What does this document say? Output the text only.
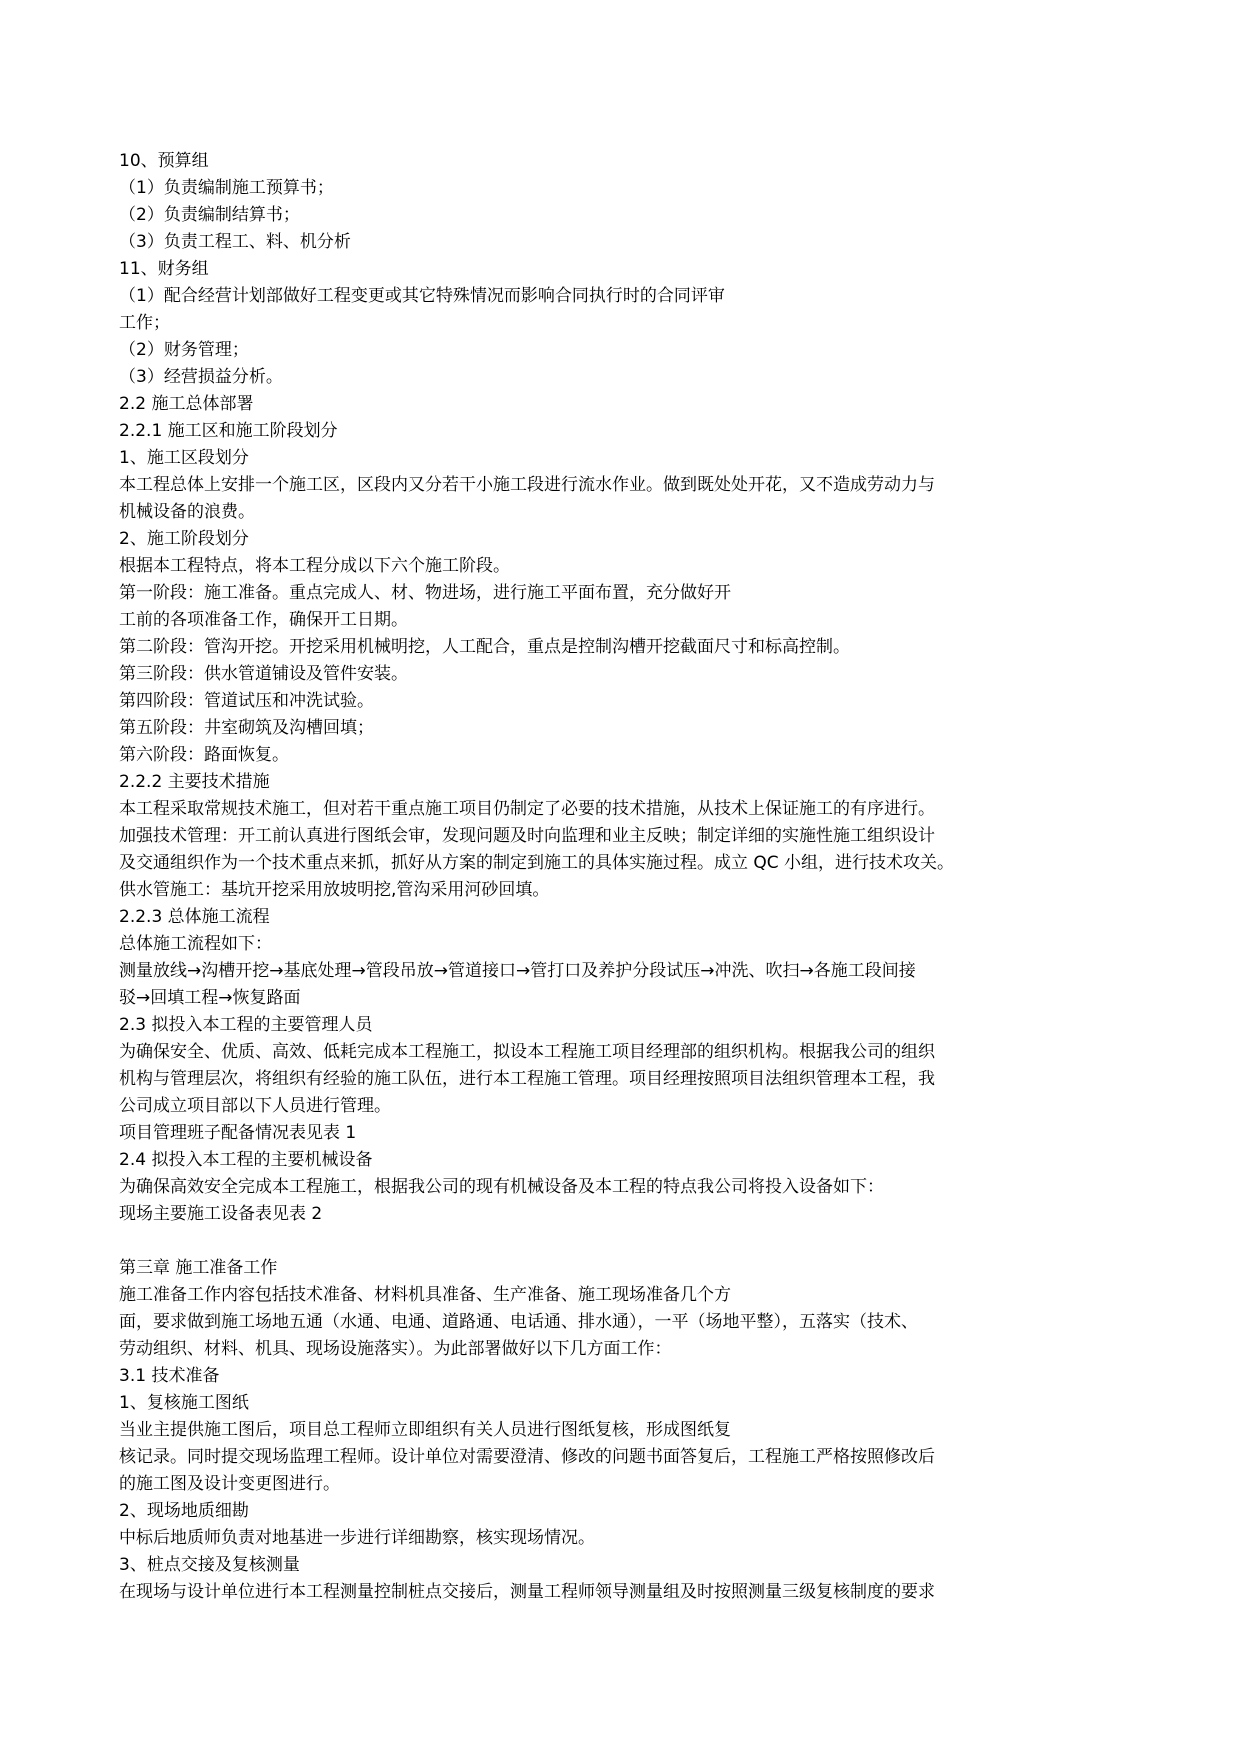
10、预算组
（1）负责编制施工预算书；
（2）负责编制结算书；
（3）负责工程工、料、机分析
11、财务组
（1）配合经营计划部做好工程变更或其它特殊情况而影响合同执行时的合同评审
工作；
（2）财务管理；
（3）经营损益分析。
2.2 施工总体部署
2.2.1 施工区和施工阶段划分
1、施工区段划分
本工程总体上安排一个施工区，区段内又分若干小施工段进行流水作业。做到既处处开花，又不造成劳动力与
机械设备的浪费。
2、施工阶段划分
根据本工程特点，将本工程分成以下六个施工阶段。
第一阶段：施工准备。重点完成人、材、物进场，进行施工平面布置，充分做好开
工前的各项准备工作，确保开工日期。
第二阶段：管沟开挖。开挖采用机械明挖，人工配合，重点是控制沟槽开挖截面尺寸和标高控制。
第三阶段：供水管道铺设及管件安装。
第四阶段：管道试压和冲洗试验。
第五阶段：井室砌筑及沟槽回填；
第六阶段：路面恢复。
2.2.2 主要技术措施
本工程采取常规技术施工，但对若干重点施工项目仍制定了必要的技术措施，从技术上保证施工的有序进行。
加强技术管理：开工前认真进行图纸会审，发现问题及时向监理和业主反映；制定详细的实施性施工组织设计
及交通组织作为一个技术重点来抓，抓好从方案的制定到施工的具体实施过程。成立 QC 小组，进行技术攻关。
供水管施工：基坑开挖采用放坡明挖,管沟采用河砂回填。
2.2.3 总体施工流程
总体施工流程如下：
测量放线→沟槽开挖→基底处理→管段吊放→管道接口→管打口及养护分段试压→冲洗、吹扫→各施工段间接
驳→回填工程→恢复路面
2.3 拟投入本工程的主要管理人员
为确保安全、优质、高效、低耗完成本工程施工，拟设本工程施工项目经理部的组织机构。根据我公司的组织
机构与管理层次，将组织有经验的施工队伍，进行本工程施工管理。项目经理按照项目法组织管理本工程，我
公司成立项目部以下人员进行管理。
项目管理班子配备情况表见表 1
2.4 拟投入本工程的主要机械设备
为确保高效安全完成本工程施工，根据我公司的现有机械设备及本工程的特点我公司将投入设备如下：
现场主要施工设备表见表 2
第三章 施工准备工作
施工准备工作内容包括技术准备、材料机具准备、生产准备、施工现场准备几个方
面，要求做到施工场地五通（水通、电通、道路通、电话通、排水通），一平（场地平整），五落实（技术、
劳动组织、材料、机具、现场设施落实）。为此部署做好以下几方面工作：
3.1 技术准备
1、复核施工图纸
当业主提供施工图后，项目总工程师立即组织有关人员进行图纸复核，形成图纸复
核记录。同时提交现场监理工程师。设计单位对需要澄清、修改的问题书面答复后，工程施工严格按照修改后
的施工图及设计变更图进行。
2、现场地质细勘
中标后地质师负责对地基进一步进行详细勘察，核实现场情况。
3、桩点交接及复核测量
在现场与设计单位进行本工程测量控制桩点交接后，测量工程师领导测量组及时按照测量三级复核制度的要求
